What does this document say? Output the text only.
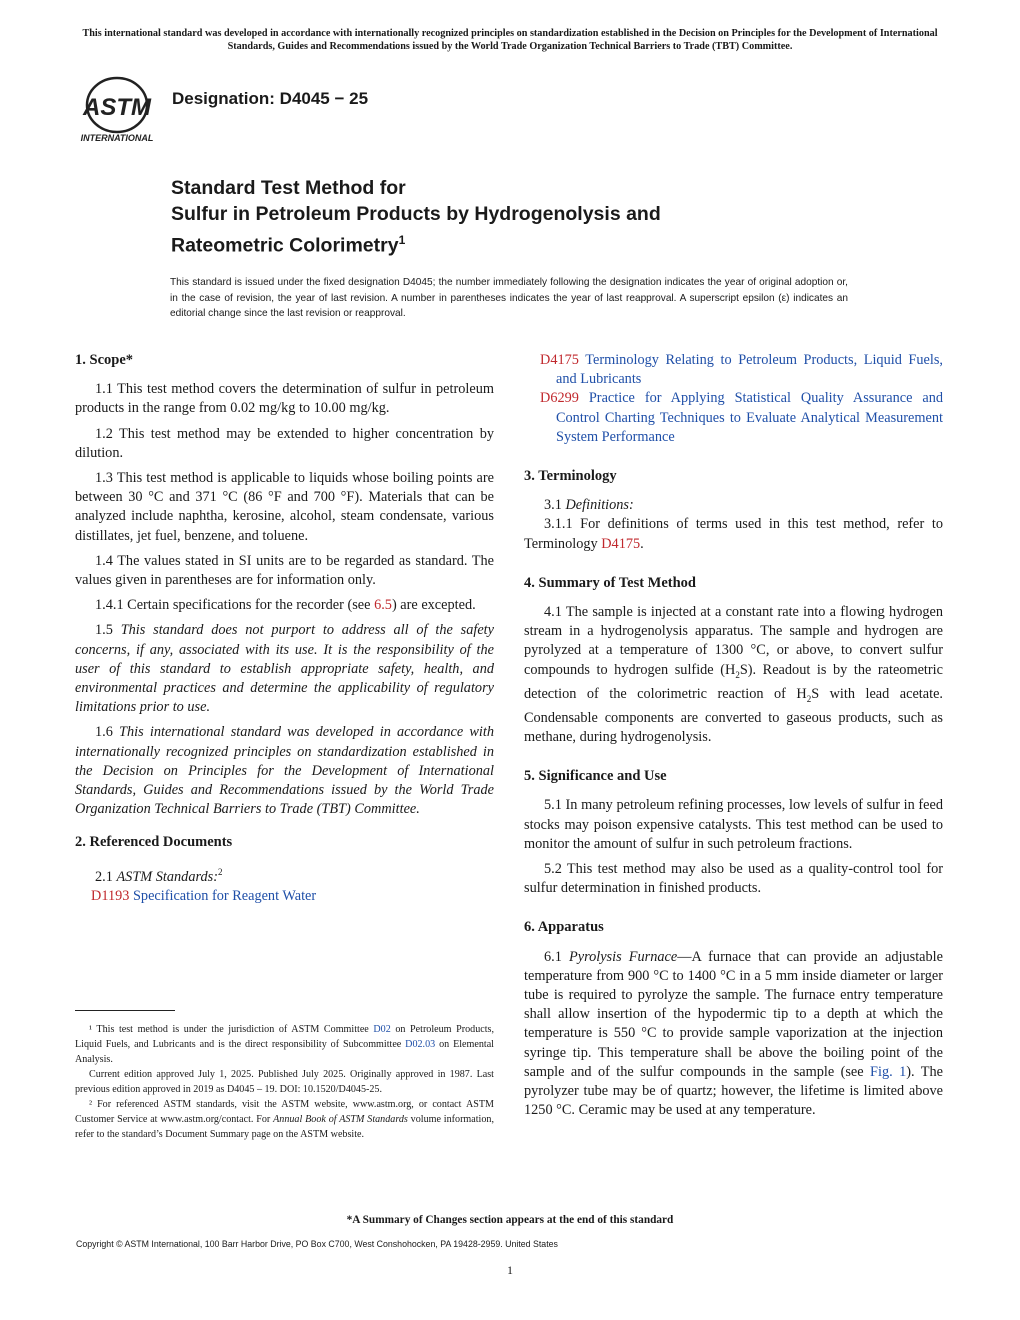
This international standard was developed in accordance with internationally recognized principles on standardization established in the Decision on Principles for the Development of International Standards, Guides and Recommendations issued by the World Trade Organization Technical Barriers to Trade (TBT) Committee.
ASTM
INTERNATIONAL
Designation: D4045 − 25
Standard Test Method for
Sulfur in Petroleum Products by Hydrogenolysis and
Rateometric Colorimetry$^1$
This standard is issued under the fixed designation D4045; the number immediately following the designation indicates the year of original adoption or, in the case of revision, the year of last revision. A number in parentheses indicates the year of last reapproval. A superscript epsilon (ε) indicates an editorial change since the last revision or reapproval.
1. Scope*

1.1 This test method covers the determination of sulfur in petroleum products in the range from 0.02 mg/kg to 10.00 mg/kg.

1.2 This test method may be extended to higher concentration by dilution.

1.3 This test method is applicable to liquids whose boiling points are between 30 °C and 371 °C (86 °F and 700 °F). Materials that can be analyzed include naphtha, kerosine, alcohol, steam condensate, various distillates, jet fuel, benzene, and toluene.

1.4 The values stated in SI units are to be regarded as standard. The values given in parentheses are for information only.

1.4.1 Certain specifications for the recorder (see 6.5) are excepted.

1.5 This standard does not purport to address all of the safety concerns, if any, associated with its use. It is the responsibility of the user of this standard to establish appropriate safety, health, and environmental practices and determine the applicability of regulatory limitations prior to use.

1.6 This international standard was developed in accordance with internationally recognized principles on standardization established in the Decision on Principles for the Development of International Standards, Guides and Recommendations issued by the World Trade Organization Technical Barriers to Trade (TBT) Committee.

2. Referenced Documents

2.1 ASTM Standards:$^2$

D1193 Specification for Reagent Water

¹ This test method is under the jurisdiction of ASTM Committee D02 on Petroleum Products, Liquid Fuels, and Lubricants and is the direct responsibility of Subcommittee D02.03 on Elemental Analysis.

Current edition approved July 1, 2025. Published July 2025. Originally approved in 1987. Last previous edition approved in 2019 as D4045 – 19. DOI: 10.1520/D4045-25.

² For referenced ASTM standards, visit the ASTM website, www.astm.org, or contact ASTM Customer Service at www.astm.org/contact. For Annual Book of ASTM Standards volume information, refer to the standard’s Document Summary page on the ASTM website.

D4175 Terminology Relating to Petroleum Products, Liquid Fuels, and Lubricants

D6299 Practice for Applying Statistical Quality Assurance and Control Charting Techniques to Evaluate Analytical Measurement System Performance

3. Terminology

3.1 Definitions:

3.1.1 For definitions of terms used in this test method, refer to Terminology D4175.

4. Summary of Test Method

4.1 The sample is injected at a constant rate into a flowing hydrogen stream in a hydrogenolysis apparatus. The sample and hydrogen are pyrolyzed at a temperature of 1300 °C, or above, to convert sulfur compounds to hydrogen sulfide $(H_2S)$. Readout is by the rateometric detection of the colorimetric reaction of $H_2S$ with lead acetate. Condensable components are converted to gaseous products, such as methane, during hydrogenolysis.

5. Significance and Use

5.1 In many petroleum refining processes, low levels of sulfur in feed stocks may poison expensive catalysts. This test method can be used to monitor the amount of sulfur in such petroleum fractions.

5.2 This test method may also be used as a quality-control tool for sulfur determination in finished products.

6. Apparatus

6.1 Pyrolysis Furnace—A furnace that can provide an adjustable temperature from 900 °C to 1400 °C in a 5 mm inside diameter or larger tube is required to pyrolyze the sample. The furnace entry temperature shall allow insertion of the hypodermic tip to a depth at which the temperature is 550 °C to provide sample vaporization at the injection syringe tip. This temperature shall be above the boiling point of the sample and of the sulfur compounds in the sample (see Fig. 1). The pyrolyzer tube may be of quartz; however, the lifetime is limited above 1250 °C. Ceramic may be used at any temperature.

*A Summary of Changes section appears at the end of this standard
Copyright © ASTM International, 100 Barr Harbor Drive, PO Box C700, West Conshohocken, PA 19428-2959. United States
1
